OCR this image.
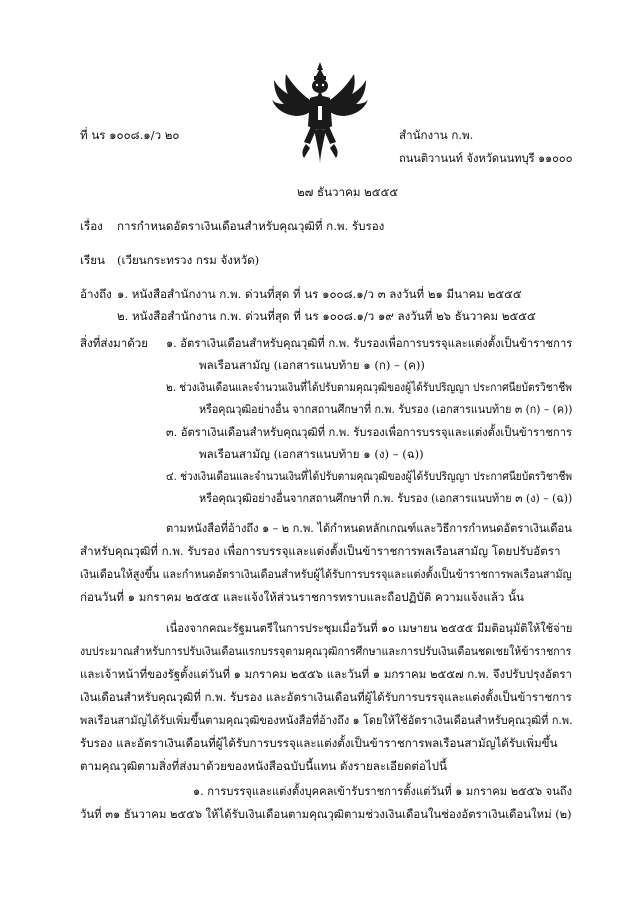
ที่ นร ๑๐๐๘.๑/ว ๒๐	สำนักงาน ก.พ.
ถนนติวานนท์ จังหวัดนนทบุรี ๑๑๐๐๐
๒๗ ธันวาคม ๒๕๕๕
เรื่อง การกำหนดอัตราเงินเดือนสำหรับคุณวุฒิที่ ก.พ. รับรอง
เรียน (เวียนกระทรวง กรม จังหวัด)
อ้างถึง ๑. หนังสือสำนักงาน ก.พ. ด่วนที่สุด ที่ นร ๑๐๐๘.๑/ว ๓ ลงวันที่ ๒๑ มีนาคม ๒๕๕๕
๒. หนังสือสำนักงาน ก.พ. ด่วนที่สุด ที่ นร ๑๐๐๘.๑/ว ๑๙ ลงวันที่ ๒๖ ธันวาคม ๒๕๕๕
สิ่งที่ส่งมาด้วย ๑. อัตราเงินเดือนสำหรับคุณวุฒิที่ ก.พ. รับรองเพื่อการบรรจุและแต่งตั้งเป็นข้าราชการ
พลเรือนสามัญ (เอกสารแนบท้าย ๑ (ก) – (ค))
๒. ช่วงเงินเดือนและจำนวนเงินที่ได้ปรับตามคุณวุฒิของผู้ได้รับปริญญา ประกาศนียบัตรวิชาชีพ
หรือคุณวุฒิอย่างอื่น จากสถานศึกษาที่ ก.พ. รับรอง (เอกสารแนบท้าย ๓ (ก) – (ค))
๓. อัตราเงินเดือนสำหรับคุณวุฒิที่ ก.พ. รับรองเพื่อการบรรจุและแต่งตั้งเป็นข้าราชการ
พลเรือนสามัญ (เอกสารแนบท้าย ๑ (ง) – (ฉ))
๔. ช่วงเงินเดือนและจำนวนเงินที่ได้ปรับตามคุณวุฒิของผู้ได้รับปริญญา ประกาศนียบัตรวิชาชีพ
หรือคุณวุฒิอย่างอื่นจากสถานศึกษาที่ ก.พ. รับรอง (เอกสารแนบท้าย ๓ (ง) – (ฉ))
ตามหนังสือที่อ้างถึง ๑ – ๒ ก.พ. ได้กำหนดหลักเกณฑ์และวิธีการกำหนดอัตราเงินเดือน
สำหรับคุณวุฒิที่ ก.พ. รับรอง เพื่อการบรรจุและแต่งตั้งเป็นข้าราชการพลเรือนสามัญ โดยปรับอัตรา
เงินเดือนให้สูงขึ้น และกำหนดอัตราเงินเดือนสำหรับผู้ได้รับการบรรจุและแต่งตั้งเป็นข้าราชการพลเรือนสามัญ
ก่อนวันที่ ๑ มกราคม ๒๕๕๕ และแจ้งให้ส่วนราชการทราบและถือปฏิบัติ ความแจ้งแล้ว นั้น
เนื่องจากคณะรัฐมนตรีในการประชุมเมื่อวันที่ ๑๐ เมษายน ๒๕๕๕ มีมติอนุมัติให้ใช้จ่าย
งบประมาณสำหรับการปรับเงินเดือนแรกบรรจุตามคุณวุฒิการศึกษาและการปรับเงินเดือนชดเชยให้ข้าราชการ
และเจ้าหน้าที่ของรัฐตั้งแต่วันที่ ๑ มกราคม ๒๕๕๖ และวันที่ ๑ มกราคม ๒๕๕๗ ก.พ. จึงปรับปรุงอัตรา
เงินเดือนสำหรับคุณวุฒิที่ ก.พ. รับรอง และอัตราเงินเดือนที่ผู้ได้รับการบรรจุและแต่งตั้งเป็นข้าราชการ
พลเรือนสามัญได้รับเพิ่มขึ้นตามคุณวุฒิของหนังสือที่อ้างถึง ๑ โดยให้ใช้อัตราเงินเดือนสำหรับคุณวุฒิที่ ก.พ.
รับรอง และอัตราเงินเดือนที่ผู้ได้รับการบรรจุและแต่งตั้งเป็นข้าราชการพลเรือนสามัญได้รับเพิ่มขึ้น
ตามคุณวุฒิตามสิ่งที่ส่งมาด้วยของหนังสือฉบับนี้แทน ดังรายละเอียดต่อไปนี้
๑. การบรรจุและแต่งตั้งบุคคลเข้ารับราชการตั้งแต่วันที่ ๑ มกราคม ๒๕๕๖ จนถึง
วันที่ ๓๑ ธันวาคม ๒๕๕๖ ให้ได้รับเงินเดือนตามคุณวุฒิตามช่วงเงินเดือนในช่องอัตราเงินเดือนใหม่ (๒)
